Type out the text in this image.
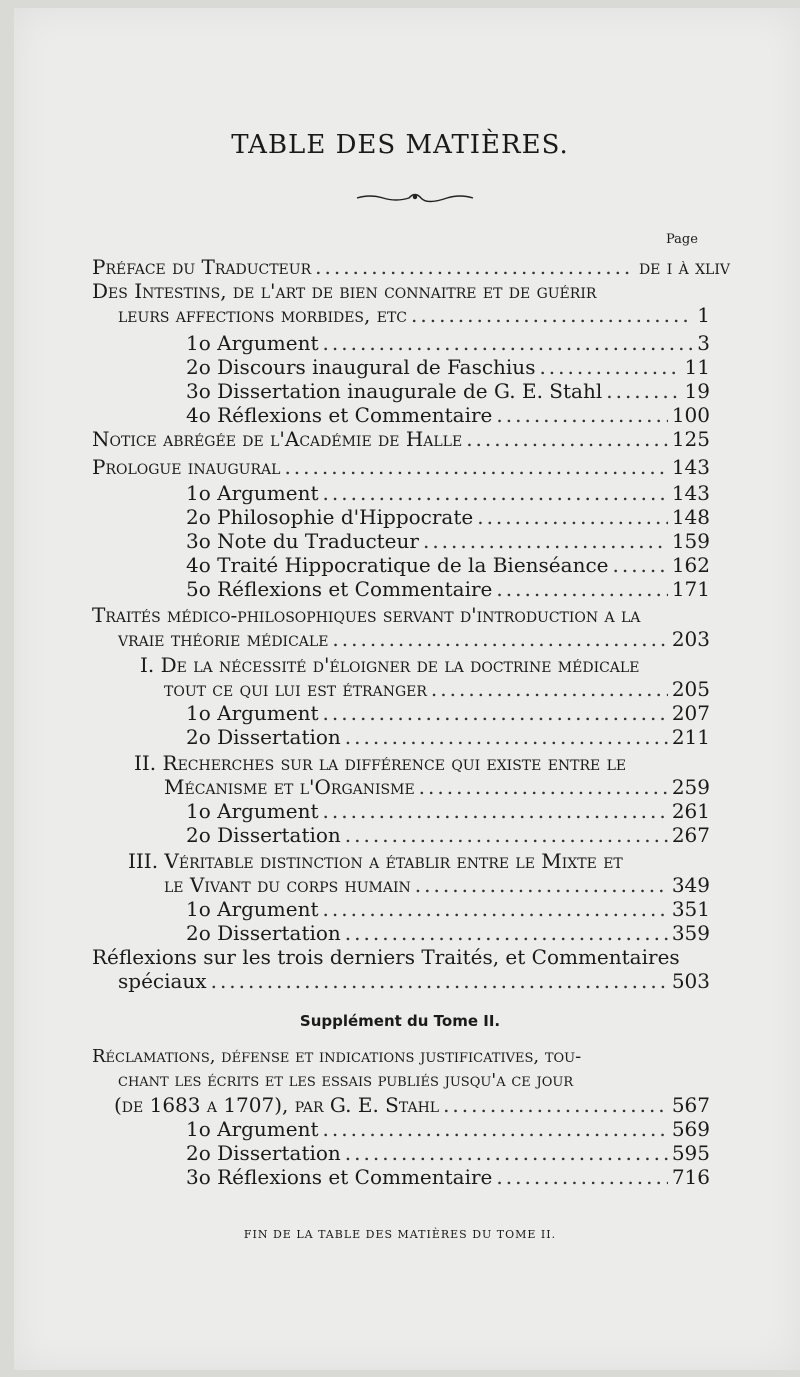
TABLE DES MATIÈRES.
Page
Préface du Traducteur .....	de i à xliv
Des Intestins, de l'art de bien connaitre et de guérir
leurs affections morbides, etc .....	1
1o Argument .....	3
2o Discours inaugural de Faschius .....	11
3o Dissertation inaugurale de G. E. Stahl .....	19
4o Réflexions et Commentaire .....	100
Notice abrégée de l'Académie de Halle .....	125
Prologue inaugural .....	143
1o Argument .....	143
2o Philosophie d'Hippocrate .....	148
3o Note du Traducteur .....	159
4o Traité Hippocratique de la Bienséance .....	162
5o Réflexions et Commentaire .....	171
Traités médico-philosophiques servant d'introduction a la
vraie théorie médicale .....	203
I. De la nécessité d'éloigner de la doctrine médicale
tout ce qui lui est étranger .....	205
1o Argument .....	207
2o Dissertation .....	211
II. Recherches sur la différence qui existe entre le
Mécanisme et l'Organisme .....	259
1o Argument .....	261
2o Dissertation .....	267
III. Véritable distinction a établir entre le Mixte et
le Vivant du corps humain .....	349
1o Argument .....	351
2o Dissertation .....	359
Réflexions sur les trois derniers Traités, et Commentaires
spéciaux .....	503
Supplément du Tome II.
Réclamations, défense et indications justificatives, tou-
chant les écrits et les essais publiés jusqu'a ce jour
(de 1683 a 1707), par G. E. Stahl .....	567
1o Argument .....	569
2o Dissertation .....	595
3o Réflexions et Commentaire .....	716
FIN DE LA TABLE DES MATIÈRES DU TOME II.
